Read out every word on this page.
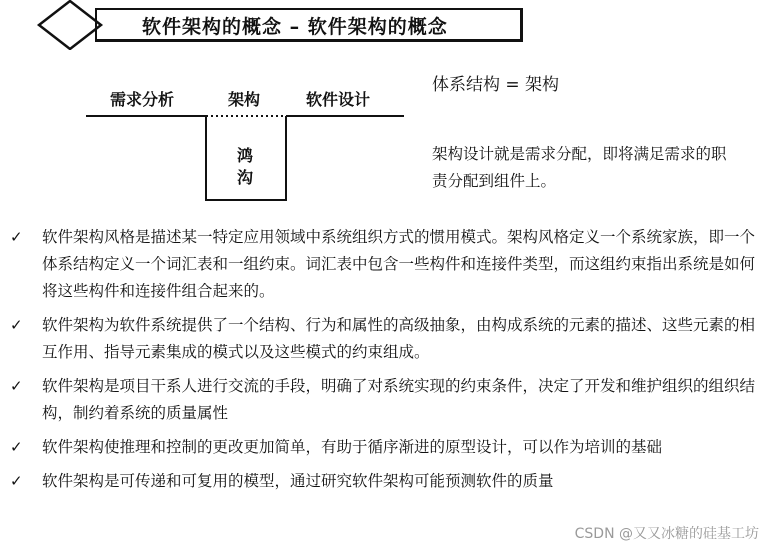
软件架构的概念 – 软件架构的概念
需求分析	架构	软件设计
鸿沟
体系结构 = 架构
架构设计就是需求分配，即将满足需求的职责分配到组件上。
✓ 软件架构风格是描述某一特定应用领域中系统组织方式的惯用模式。架构风格定义一个系统家族，即一个体系结构定义一个词汇表和一组约束。词汇表中包含一些构件和连接件类型，而这组约束指出系统是如何将这些构件和连接件组合起来的。
✓ 软件架构为软件系统提供了一个结构、行为和属性的高级抽象，由构成系统的元素的描述、这些元素的相互作用、指导元素集成的模式以及这些模式的约束组成。
✓ 软件架构是项目干系人进行交流的手段，明确了对系统实现的约束条件，决定了开发和维护组织的组织结构，制约着系统的质量属性
✓ 软件架构使推理和控制的更改更加简单，有助于循序渐进的原型设计，可以作为培训的基础
✓ 软件架构是可传递和可复用的模型，通过研究软件架构可能预测软件的质量
CSDN @又又冰糖的硅基工坊
